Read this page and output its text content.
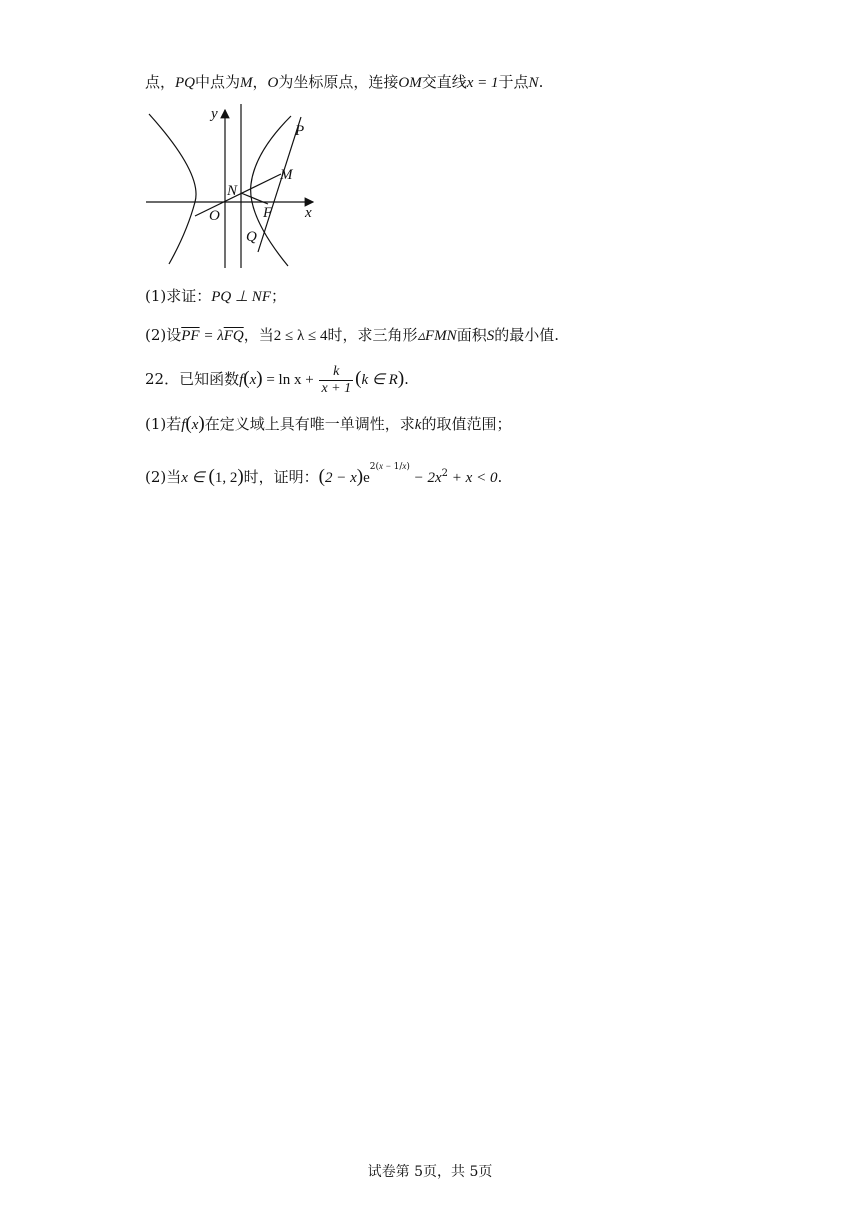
点，PQ中点为M，O为坐标原点，连接OM交直线x = 1于点N.
y
x
P
M
N
F
O
Q
(1)求证：PQ ⊥ NF；
(2)设$\overline{PF} = \lambda\overline{FQ}$，当2 ≤ λ ≤ 4时，求三角形▵FMN面积S的最小值.
22．已知函数$f(x) = \ln x + \frac{k}{x + 1} (k$ ∈ R).
(1)若f(x)在定义域上具有唯一单调性，求k的取值范围；
(2)当x ∈ (1, 2)时，证明：$(2 - x)e^{2(x - 1/x)} - 2x^2 + x < 0$.
试卷第 5页，共 5页
